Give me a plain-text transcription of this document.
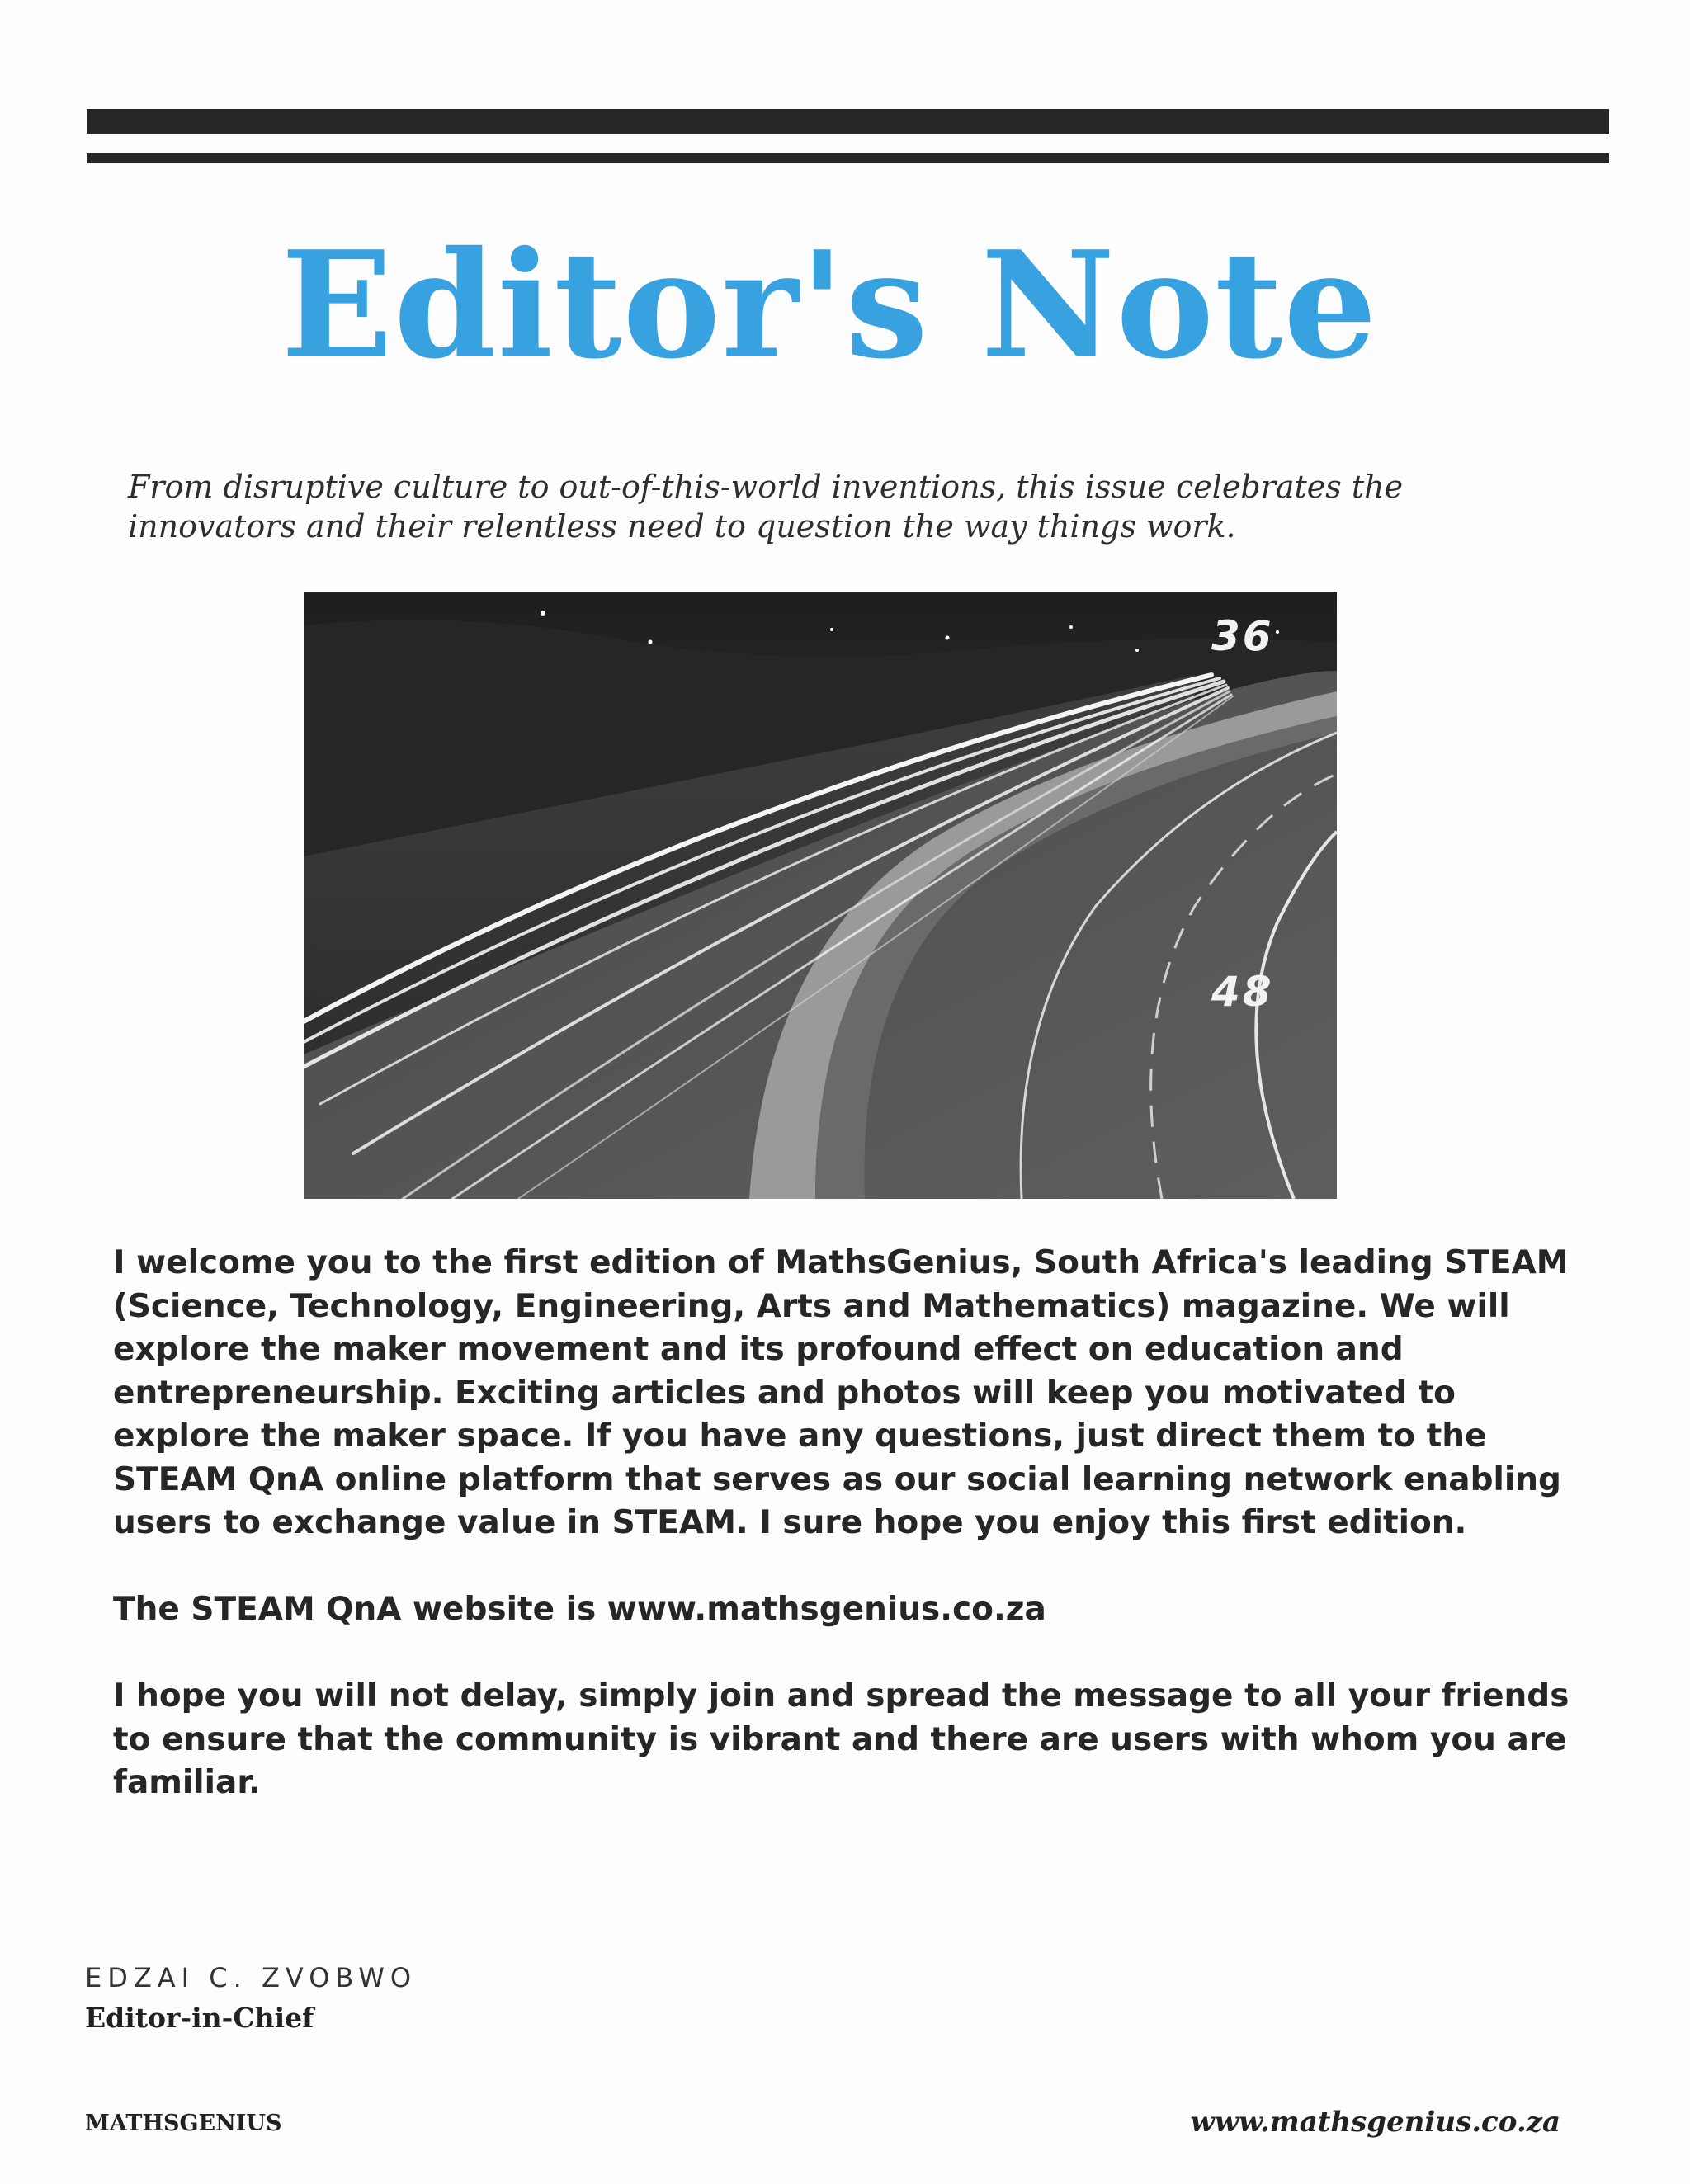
Editor's Note
From disruptive culture to out-of-this-world inventions, this issue celebrates the
innovators and their relentless need to question the way things work.
36
48

I welcome you to the first edition of MathsGenius, South Africa's leading STEAM (Science, Technology, Engineering, Arts and Mathematics) magazine. We will explore the maker movement and its profound effect on education and entrepreneurship. Exciting articles and photos will keep you motivated to explore the maker space. If you have any questions, just direct them to the STEAM QnA online platform that serves as our social learning network enabling users to exchange value in STEAM. I sure hope you enjoy this first edition.

The STEAM QnA website is www.mathsgenius.co.za

I hope you will not delay, simply join and spread the message to all your friends to ensure that the community is vibrant and there are users with whom you are familiar.

EDZAI C. ZVOBWO
Editor-in-Chief
MATHSGENIUS	www.mathsgenius.co.za
